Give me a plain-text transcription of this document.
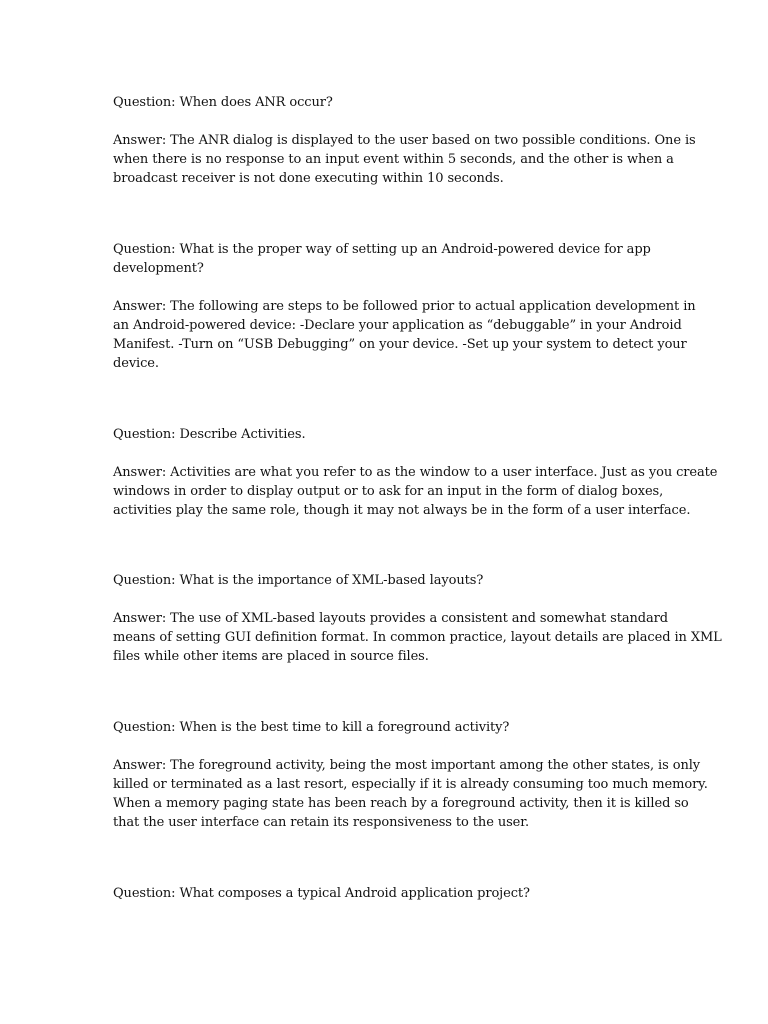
Question: When does ANR occur?
Answer: The ANR dialog is displayed to the user based on two possible conditions. One is
when there is no response to an input event within 5 seconds, and the other is when a
broadcast receiver is not done executing within 10 seconds.
Question: What is the proper way of setting up an Android-powered device for app
development?
Answer: The following are steps to be followed prior to actual application development in
an Android-powered device: -Declare your application as “debuggable” in your Android
Manifest. -Turn on “USB Debugging” on your device. -Set up your system to detect your
device.
Question: Describe Activities.
Answer: Activities are what you refer to as the window to a user interface. Just as you create
windows in order to display output or to ask for an input in the form of dialog boxes,
activities play the same role, though it may not always be in the form of a user interface.
Question: What is the importance of XML-based layouts?
Answer: The use of XML-based layouts provides a consistent and somewhat standard
means of setting GUI definition format. In common practice, layout details are placed in XML
files while other items are placed in source files.
Question: When is the best time to kill a foreground activity?
Answer: The foreground activity, being the most important among the other states, is only
killed or terminated as a last resort, especially if it is already consuming too much memory.
When a memory paging state has been reach by a foreground activity, then it is killed so
that the user interface can retain its responsiveness to the user.
Question: What composes a typical Android application project?
